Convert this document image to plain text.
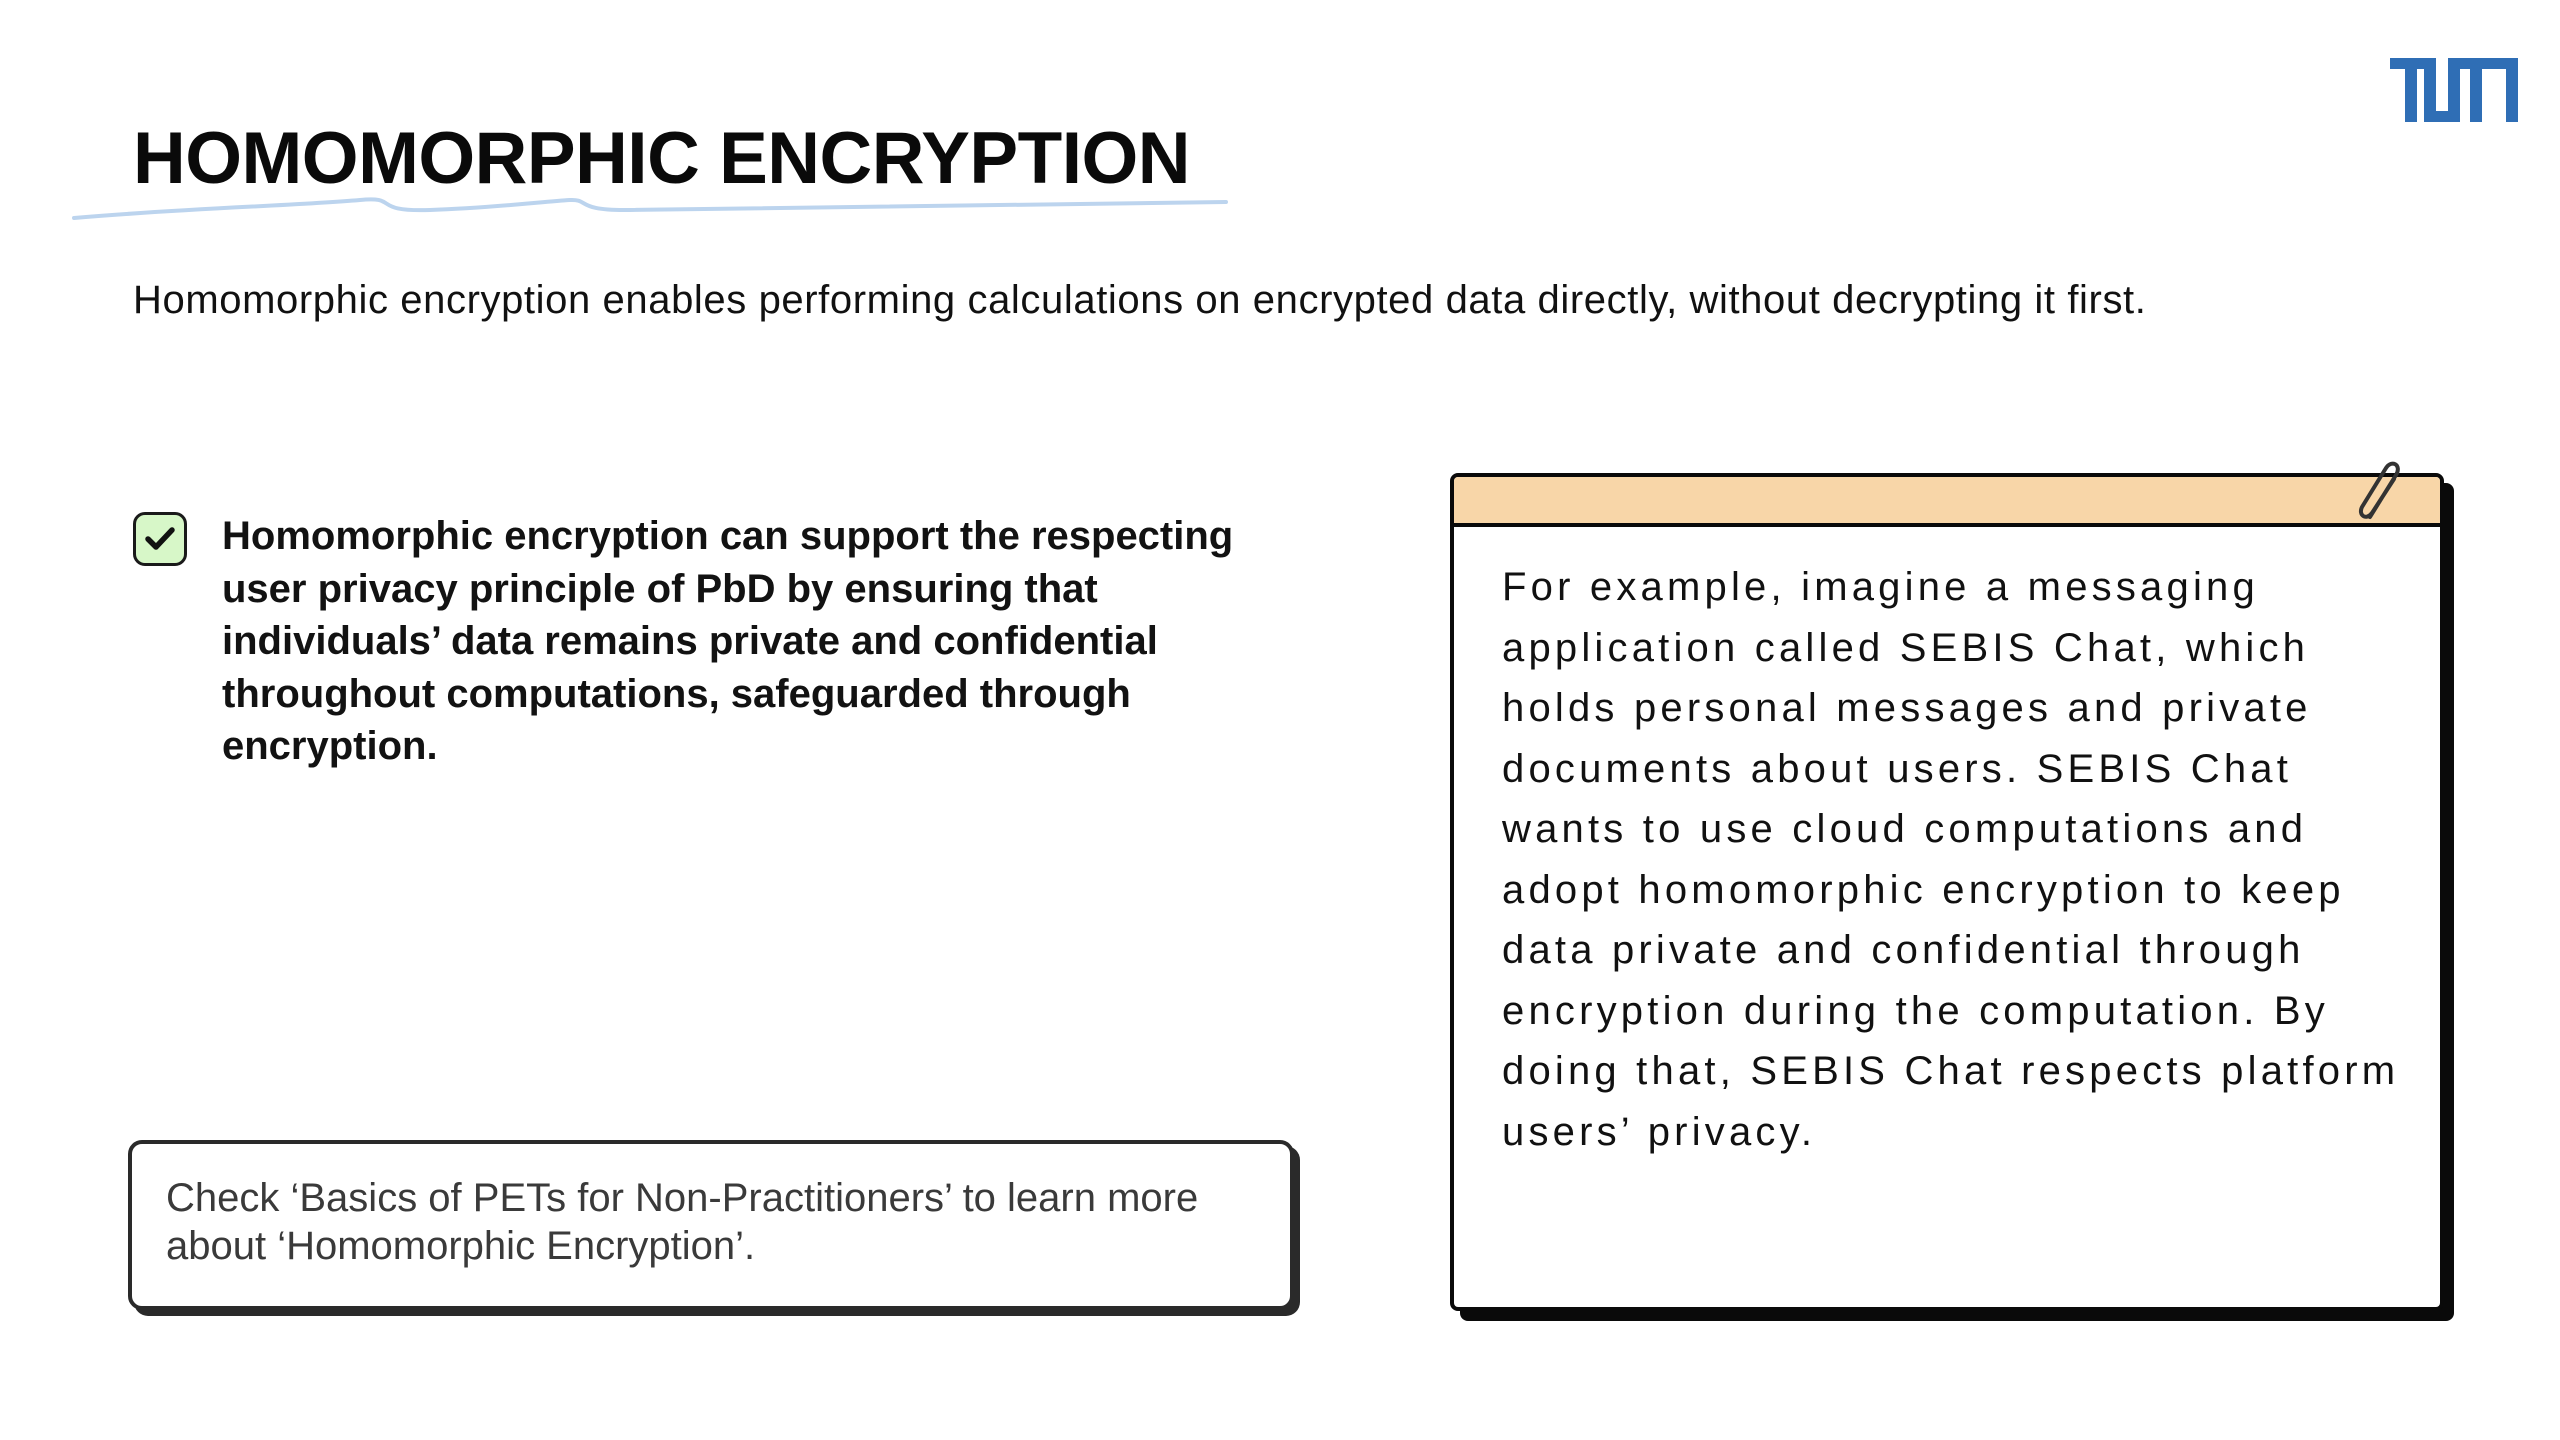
HOMOMORPHIC ENCRYPTION

Homomorphic encryption enables performing calculations on encrypted data directly, without decrypting it first.

Homomorphic encryption can support the respecting user privacy principle of PbD by ensuring that individuals’ data remains private and confidential throughout computations, safeguarded through encryption.

Check ‘Basics of PETs for Non-Practitioners’ to learn more about ‘Homomorphic Encryption’.

For example, imagine a messaging application called SEBIS Chat, which holds personal messages and private documents about users. SEBIS Chat wants to use cloud computations and adopt homomorphic encryption to keep data private and confidential through encryption during the computation. By doing that, SEBIS Chat respects platform users’ privacy.
